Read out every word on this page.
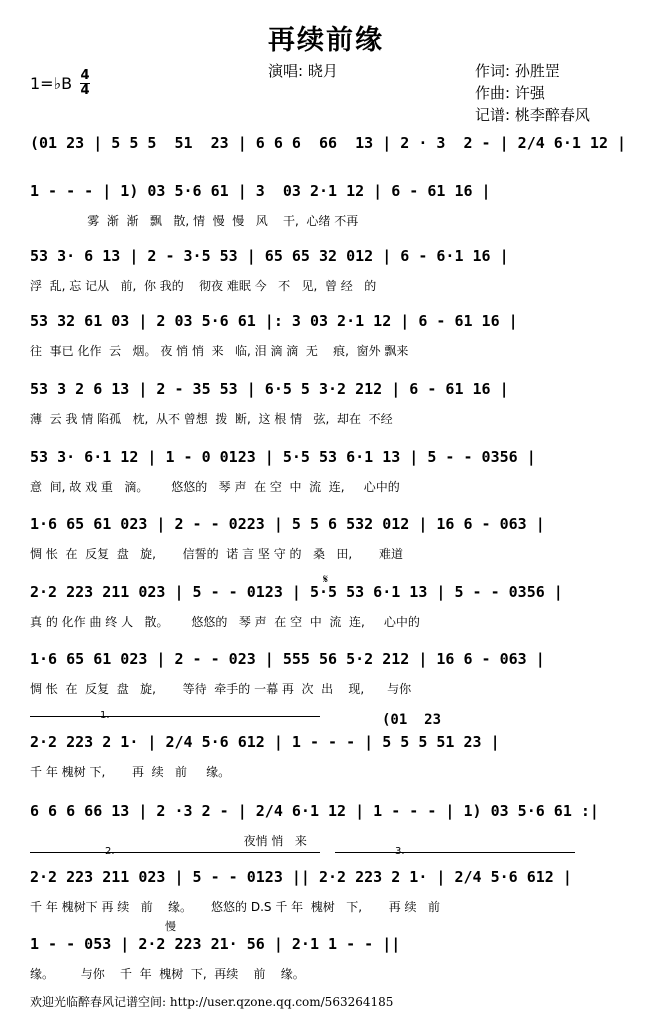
再续前缘
演唱: 晓月	作词: 孙胜罡
作曲: 许强
记谱: 桃李醉春风
1=♭B 4
4
(01 23 | 5 5 5  51  23 | 6 6 6  66  13 | 2 · 3  2 - | 2/4 6·1 12 |
1 - - - | 1) 03 5·6 61 | 3  03 2·1 12 | 6 - 61 16 |
雾  渐  渐   飘   散, 情  慢  慢   风    干,  心绪 不再
53 3· 6 13 | 2 - 3·5 53 | 65 65 32 012 | 6 - 6·1 16 |
浮  乱, 忘 记从   前,  你 我的    彻夜 难眠 今   不   见,  曾 经   的
53 32 61 03 | 2 03 5·6 61 |: 3 03 2·1 12 | 6 - 61 16 |
往  事已 化作  云   烟。 夜 悄 悄  来   临, 泪 滴 滴  无    痕,  窗外 飘来
53 3 2 6 13 | 2 - 35 53 | 6·5 5 3·2 212 | 6 - 61 16 |
薄  云 我 情 陷孤   枕,  从不 曾想  拨  断,  这 根 情   弦,  却在  不经
53 3· 6·1 12 | 1 - 0 0123 | 5·5 53 6·1 13 | 5 - - 0356 |
意  间, 故 戏 重   滴。      悠悠的   琴 声  在 空  中  流  连,     心中的
1·6 65 61 023 | 2 - - 0223 | 5 5 6 532 012 | 16 6 - 063 |
惆 怅  在  反复  盘   旋,       信誓的  诺 言 坚 守 的   桑   田,       难道
2·2 223 211 023 | 5 - - 0123 | 5·5 53 6·1 13 | 5 - - 0356 |
真 的 化作 曲 终 人   散。      悠悠的   琴 声  在 空  中  流  连,     心中的
1·6 65 61 023 | 2 - - 023 | 555 56 5·2 212 | 16 6 - 063 |
惆 怅  在  反复  盘   旋,       等待  牵手的 一幕 再  次  出    现,      与你
1.	(01  23
2·2 223 2 1· | 2/4 5·6 612 | 1 - - - | 5 5 5 51 23 |
千 年 槐树 下,       再  续   前     缘。
6 6 6 66 13 | 2 ·3 2 - | 2/4 6·1 12 | 1 - - - | 1) 03 5·6 61 :|
夜悄 悄   来
2.	3.
2·2 223 211 023 | 5 - - 0123 || 2·2 223 2 1· | 2/4 5·6 612 |
千 年 槐树下 再 续   前    缘。     悠悠的 D.S 千 年  槐树   下,       再 续   前
慢
𝄋
1 - - 053 | 2·2 223 21· 56 | 2·1 1 - - ||
缘。       与你    千  年  槐树  下,  再续    前    缘。
欢迎光临醉春风记谱空间: http://user.qzone.qq.com/563264185
